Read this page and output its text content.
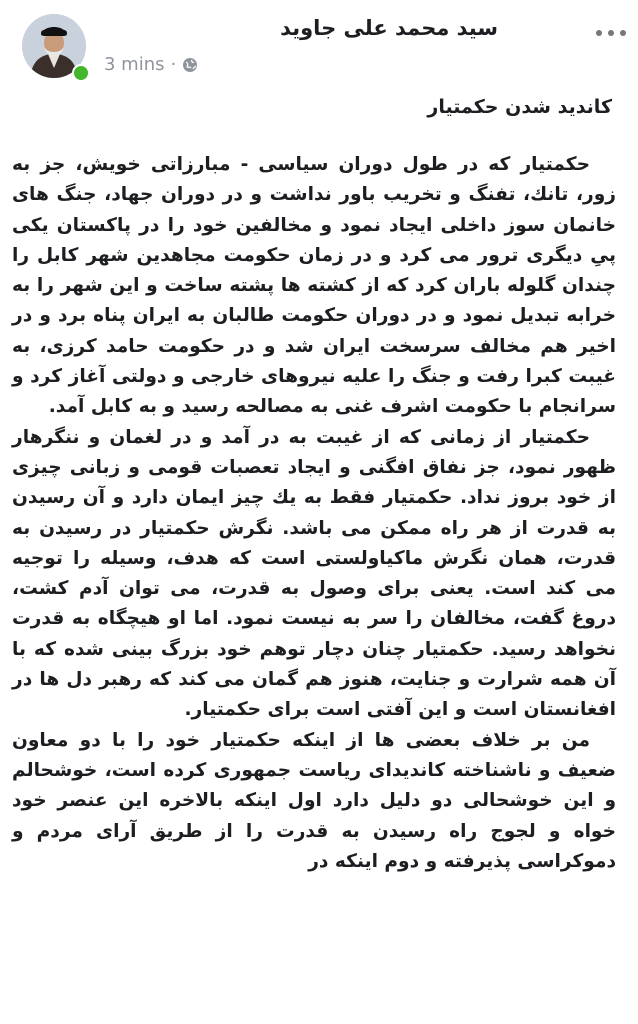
سید محمد علی جاوید
3 mins ·
کاندید شدن حکمتیار

حکمتیار که در طول دوران سیاسی - مبارزاتی خویش، جز به زور، تانك، تفنگ و تخریب باور نداشت و در دوران جهاد، جنگ های خانمان سوز داخلی ایجاد نمود و مخالفین خود را در پاکستان یکی پیِ دیگری ترور می کرد و در زمان حکومت مجاهدین شهر کابل را چندان گلوله باران کرد که از کشته ها پشته ساخت و این شهر را به خرابه تبدیل نمود و در دوران حکومت طالبان به ایران پناه برد و در اخیر هم مخالف سرسخت ایران شد و در حکومت حامد کرزی، به غیبت کبرا رفت و جنگ را علیه نیروهای خارجی و دولتی آغاز کرد و سرانجام با حکومت اشرف غنی به مصالحه رسید و به کابل آمد.

حکمتیار از زمانی که از غیبت به در آمد و در لغمان و ننگرهار ظهور نمود، جز نفاق افگنی و ایجاد تعصبات قومی و زبانی چیزی از خود بروز نداد. حکمتیار فقط به یك چیز ایمان دارد و آن رسیدن به قدرت از هر راه ممکن می باشد. نگرش حکمتیار در رسیدن به قدرت، همان نگرش ماکیاولستی است که هدف، وسیله را توجیه می کند است. یعنی برای وصول به قدرت، می توان آدم کشت، دروغ گفت، مخالفان را سر به نیست نمود. اما او هیچگاه به قدرت نخواهد رسید. حکمتیار چنان دچار توهم خود بزرگ بینی شده که با آن همه شرارت و جنایت، هنوز هم گمان می کند که رهبر دل ها در افغانستان است و این آفتی است برای حکمتیار.

من بر خلاف بعضی ها از اینکه حکمتیار خود را با دو معاون ضعیف و ناشناخته کاندیدای ریاست جمهوری کرده است، خوشحالم و این خوشحالی دو دلیل دارد اول اینکه بالاخره این عنصر خود خواه و لجوج راه رسیدن به قدرت را از طریق آرای مردم و دموکراسی پذیرفته و دوم اینکه در
